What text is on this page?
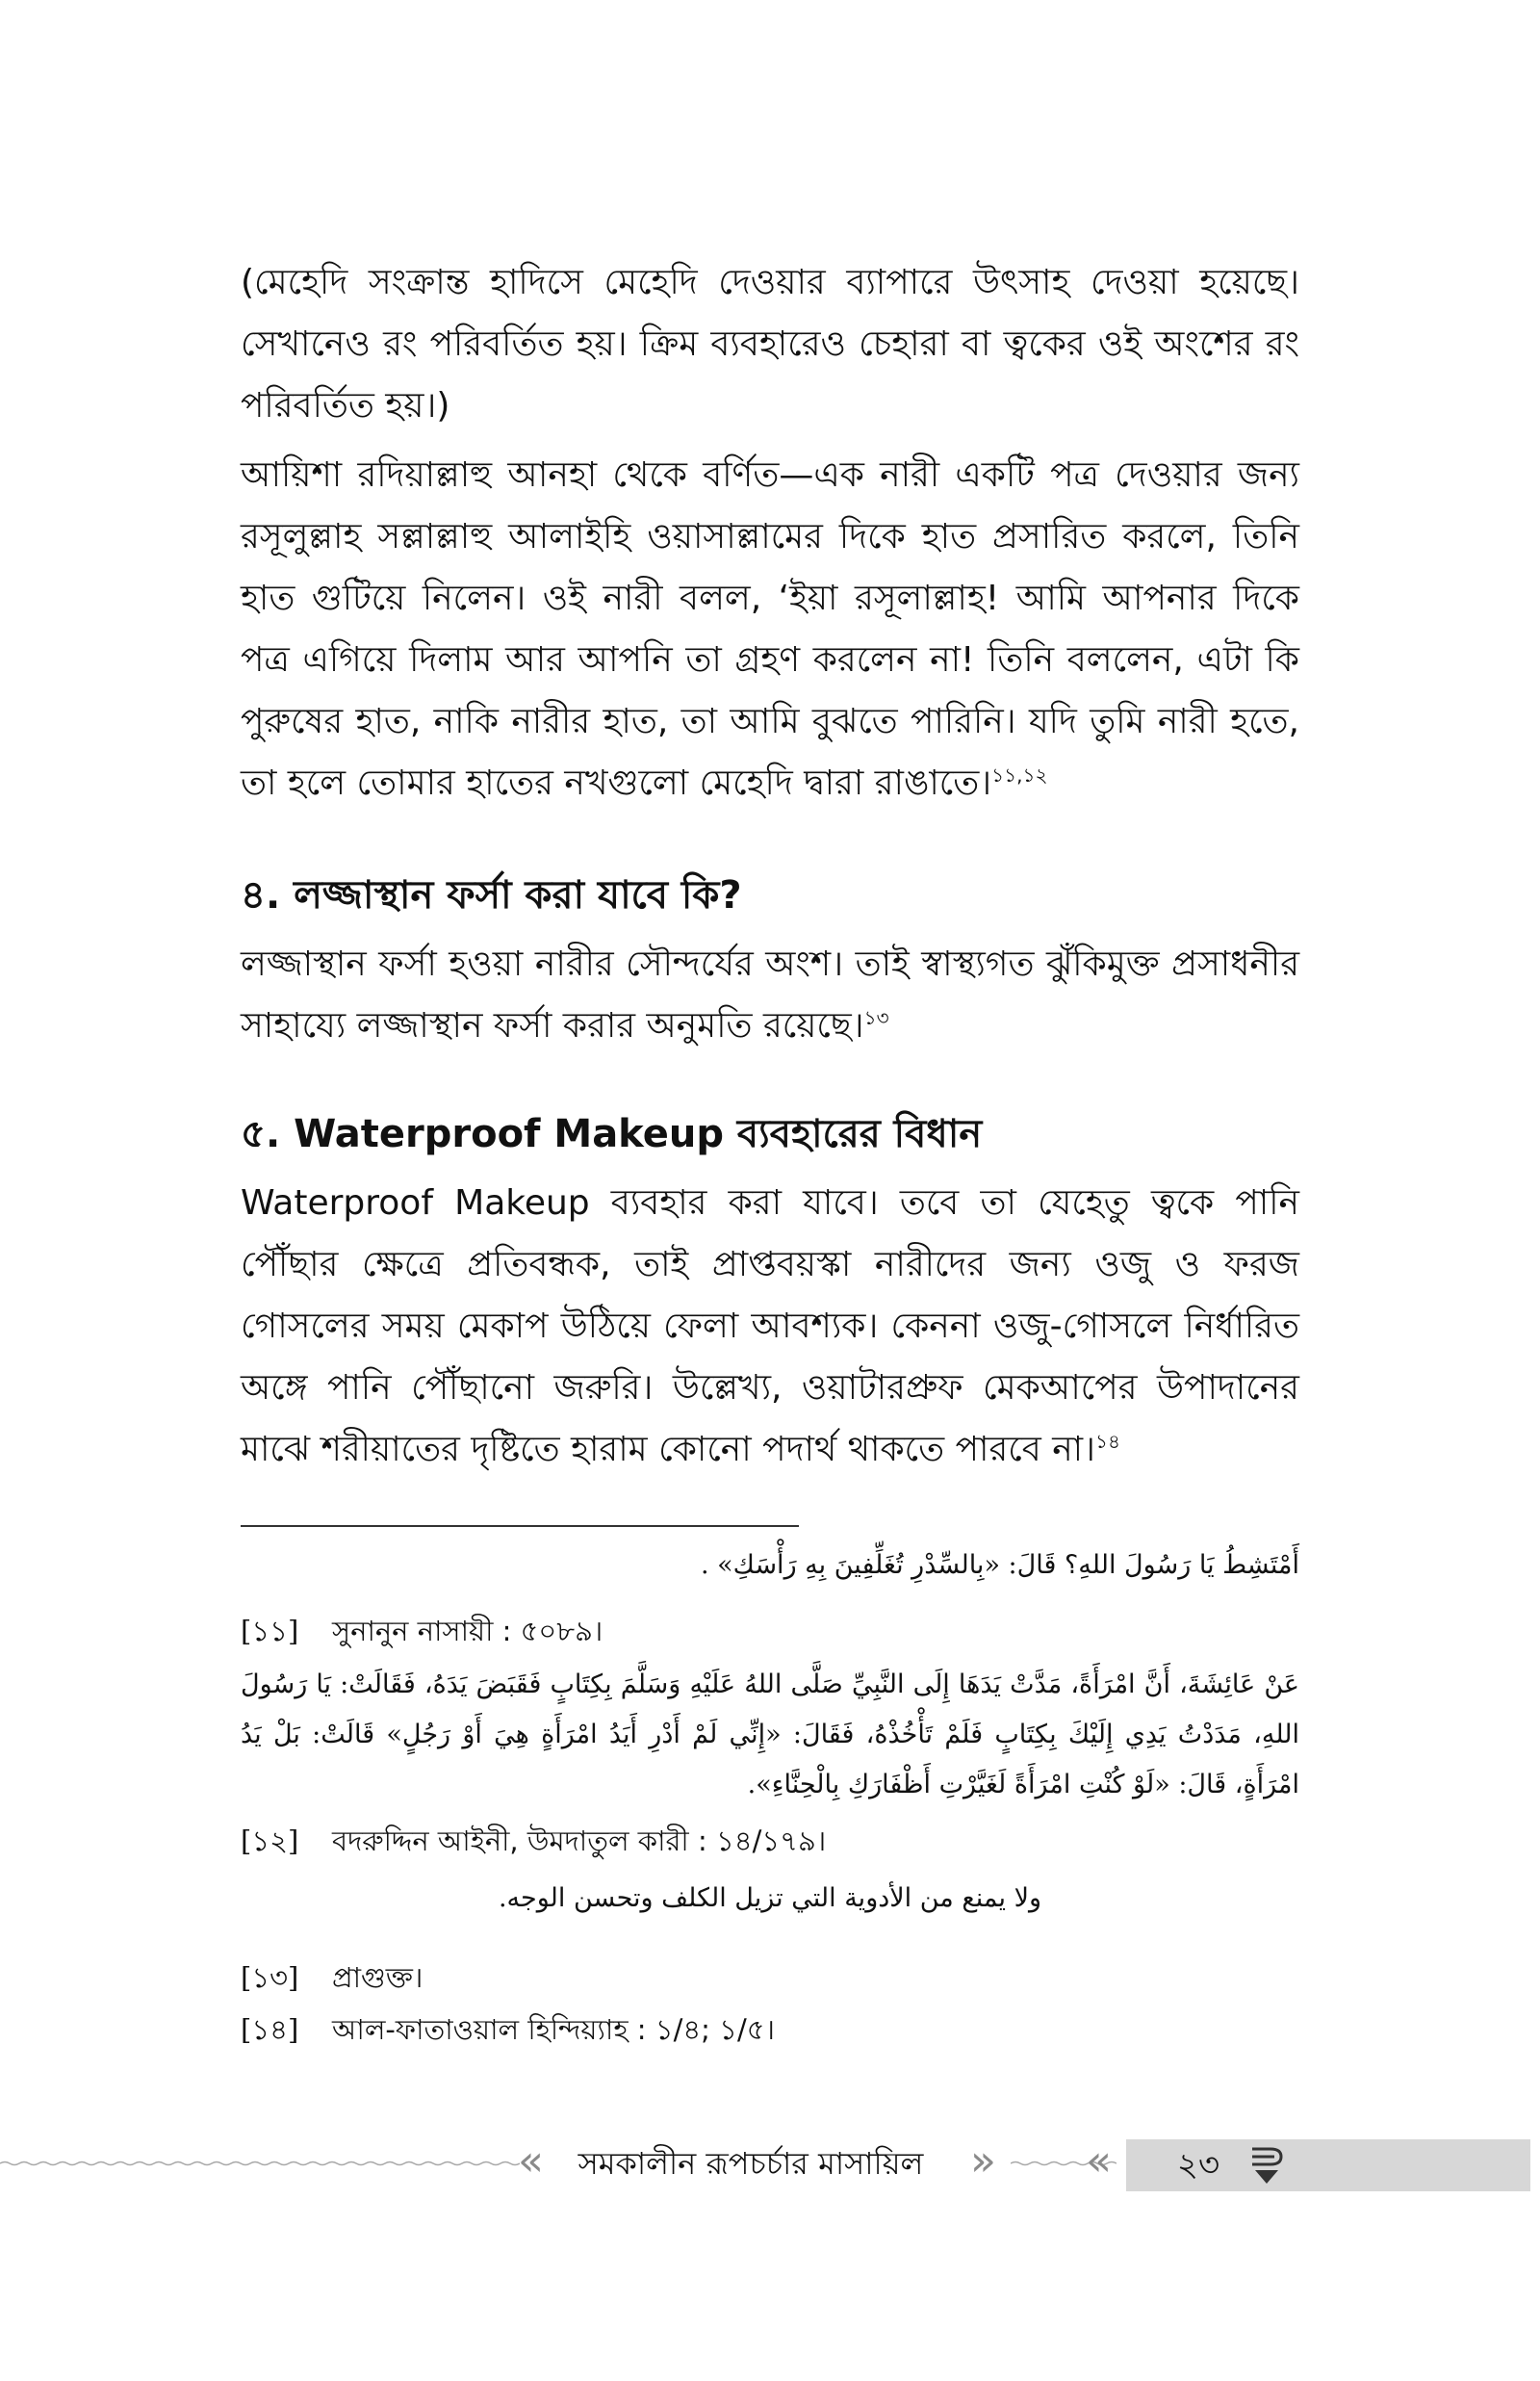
(মেহেদি সংক্রান্ত হাদিসে মেহেদি দেওয়ার ব্যাপারে উৎসাহ দেওয়া হয়েছে। সেখানেও রং পরিবর্তিত হয়। ক্রিম ব্যবহারেও চেহারা বা ত্বকের ওই অংশের রং পরিবর্তিত হয়।)

আয়িশা রদিয়াল্লাহু আনহা থেকে বর্ণিত—এক নারী একটি পত্র দেওয়ার জন্য রসূলুল্লাহ সল্লাল্লাহু আলাইহি ওয়াসাল্লামের দিকে হাত প্রসারিত করলে, তিনি হাত গুটিয়ে নিলেন। ওই নারী বলল, ‘ইয়া রসূলাল্লাহ! আমি আপনার দিকে পত্র এগিয়ে দিলাম আর আপনি তা গ্রহণ করলেন না! তিনি বললেন, এটা কি পুরুষের হাত, নাকি নারীর হাত, তা আমি বুঝতে পারিনি। যদি তুমি নারী হতে, তা হলে তোমার হাতের নখগুলো মেহেদি দ্বারা রাঙাতে।$^{১১,১২}$

৪. লজ্জাস্থান ফর্সা করা যাবে কি?

লজ্জাস্থান ফর্সা হওয়া নারীর সৌন্দর্যের অংশ। তাই স্বাস্থ্যগত ঝুঁকিমুক্ত প্রসাধনীর সাহায্যে লজ্জাস্থান ফর্সা করার অনুমতি রয়েছে।$^{১৩}$

৫. Waterproof Makeup ব্যবহারের বিধান

Waterproof Makeup ব্যবহার করা যাবে। তবে তা যেহেতু ত্বকে পানি পৌঁছার ক্ষেত্রে প্রতিবন্ধক, তাই প্রাপ্তবয়স্কা নারীদের জন্য ওজু ও ফরজ গোসলের সময় মেকাপ উঠিয়ে ফেলা আবশ্যক। কেননা ওজু-গোসলে নির্ধারিত অঙ্গে পানি পৌঁছানো জরুরি। উল্লেখ্য, ওয়াটারপ্রুফ মেকআপের উপাদানের মাঝে শরীয়াতের দৃষ্টিতে হারাম কোনো পদার্থ থাকতে পারবে না।$^{১৪}$

أَمْتَشِطُ يَا رَسُولَ اللهِ؟ قَالَ: «بِالسِّدْرِ تُغَلِّفِينَ بِهِ رَأْسَكِ» .
[১১] সুনানুন নাসায়ী : ৫০৮৯।
عَنْ عَائِشَةَ، أَنَّ امْرَأَةً، مَدَّتْ يَدَهَا إِلَى النَّبِيِّ صَلَّى اللهُ عَلَيْهِ وَسَلَّمَ بِكِتَابٍ فَقَبَضَ يَدَهُ، فَقَالَتْ: يَا رَسُولَ اللهِ، مَدَدْتُ يَدِي إِلَيْكَ بِكِتَابٍ فَلَمْ تَأْخُذْهُ، فَقَالَ: «إِنِّي لَمْ أَدْرِ أَيَدُ امْرَأَةٍ هِيَ أَوْ رَجُلٍ» قَالَتْ: بَلْ يَدُ امْرَأَةٍ، قَالَ: «لَوْ كُنْتِ امْرَأَةً لَغَيَّرْتِ أَظْفَارَكِ بِالْحِنَّاءِ».
[১২] বদরুদ্দিন আইনী, উমদাতুল কারী : ১৪/১৭৯।
ولا يمنع من الأدوية التي تزيل الكلف وتحسن الوجه.
[১৩] প্রাগুক্ত।
[১৪] আল-ফাতাওয়াল হিন্দিয়্যাহ : ১/৪; ১/৫।
«	সমকালীন রূপচর্চার মাসায়িল	» «	২৩
